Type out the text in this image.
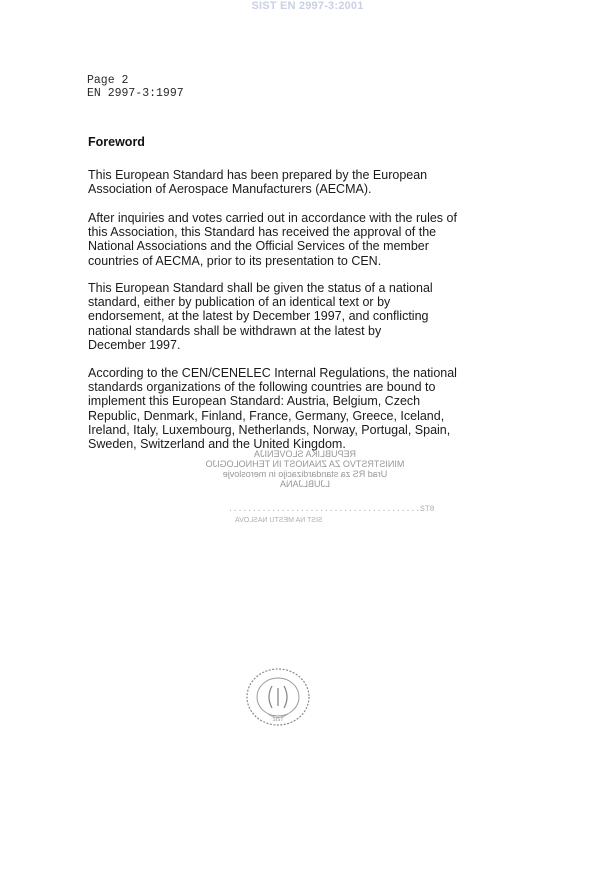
SIST EN 2997-3:2001
Page 2
EN 2997-3:1997
Foreword
This European Standard has been prepared by the European
Association of Aerospace Manufacturers (AECMA).
After inquiries and votes carried out in accordance with the rules of
this Association, this Standard has received the approval of the
National Associations and the Official Services of the member
countries of AECMA, prior to its presentation to CEN.
This European Standard shall be given the status of a national
standard, either by publication of an identical text or by
endorsement, at the latest by December 1997, and conflicting
national standards shall be withdrawn at the latest by
December 1997.
According to the CEN/CENELEC Internal Regulations, the national
standards organizations of the following countries are bound to
implement this European Standard: Austria, Belgium, Czech
Republic, Denmark, Finland, France, Germany, Greece, Iceland,
Ireland, Italy, Luxembourg, Netherlands, Norway, Portugal, Spain,
Sweden, Switzerland and the United Kingdom.
REPUBLIKA SLOVENIJA
MINISTRSTVO ZA ZNANOST IN TEHNOLOGIJO
Urad RS za standardizacijo in meroslovje
LJUBLJANA
........................................ST8
SIST NA MESTU NASLOVA
SIST
